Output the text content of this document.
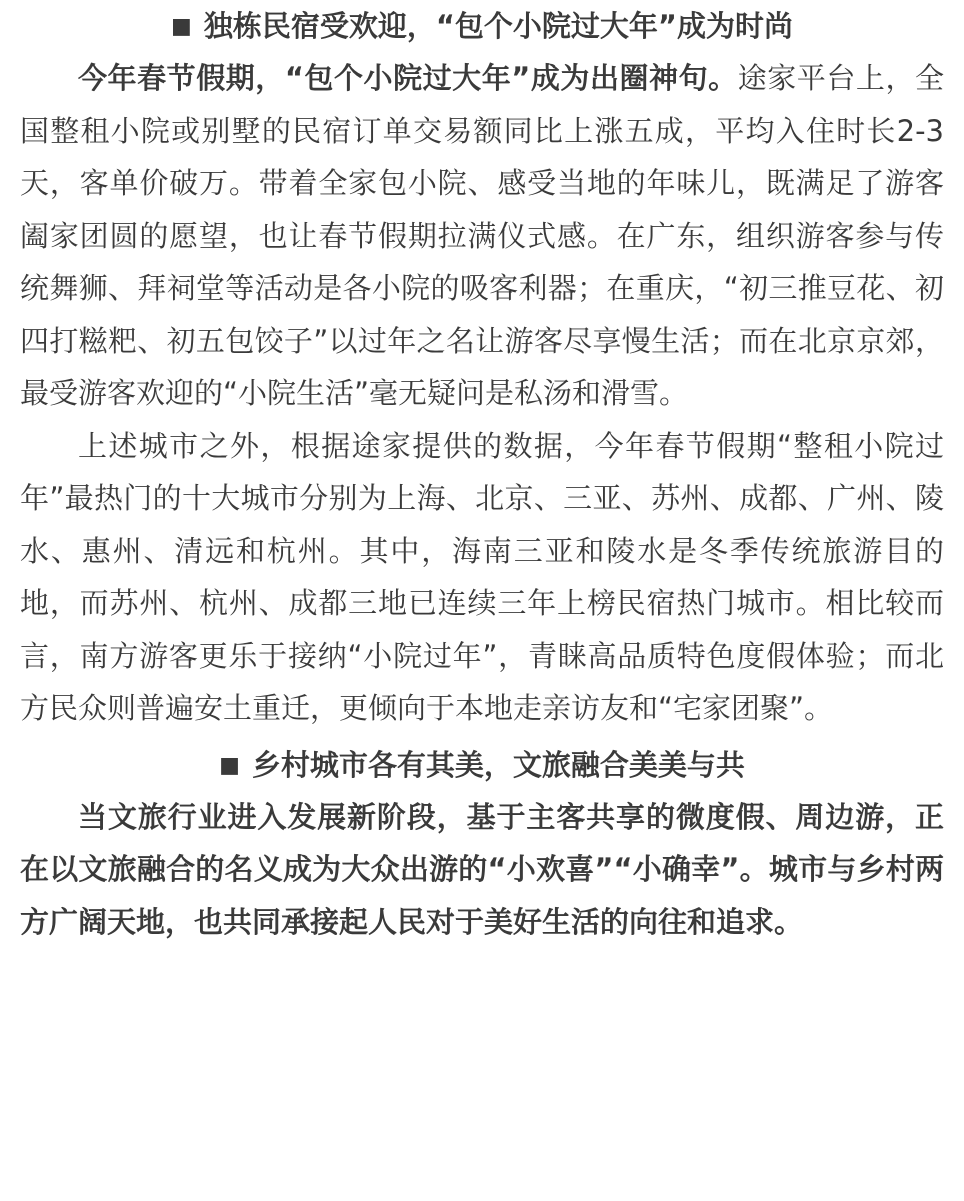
■ 独栋民宿受欢迎，“包个小院过大年”成为时尚

今年春节假期，“包个小院过大年”成为出圈神句。途家平台上，全国整租小院或别墅的民宿订单交易额同比上涨五成，平均入住时长2-3天，客单价破万。带着全家包小院、感受当地的年味儿，既满足了游客阖家团圆的愿望，也让春节假期拉满仪式感。在广东，组织游客参与传统舞狮、拜祠堂等活动是各小院的吸客利器；在重庆，“初三推豆花、初四打糍粑、初五包饺子”以过年之名让游客尽享慢生活；而在北京京郊，最受游客欢迎的“小院生活”毫无疑问是私汤和滑雪。

上述城市之外，根据途家提供的数据，今年春节假期“整租小院过年”最热门的十大城市分别为上海、北京、三亚、苏州、成都、广州、陵水、惠州、清远和杭州。其中，海南三亚和陵水是冬季传统旅游目的地，而苏州、杭州、成都三地已连续三年上榜民宿热门城市。相比较而言，南方游客更乐于接纳“小院过年”，青睐高品质特色度假体验；而北方民众则普遍安土重迁，更倾向于本地走亲访友和“宅家团聚”。

■ 乡村城市各有其美，文旅融合美美与共

当文旅行业进入发展新阶段，基于主客共享的微度假、周边游，正在以文旅融合的名义成为大众出游的“小欢喜”“小确幸”。城市与乡村两方广阔天地，也共同承接起人民对于美好生活的向往和追求。
